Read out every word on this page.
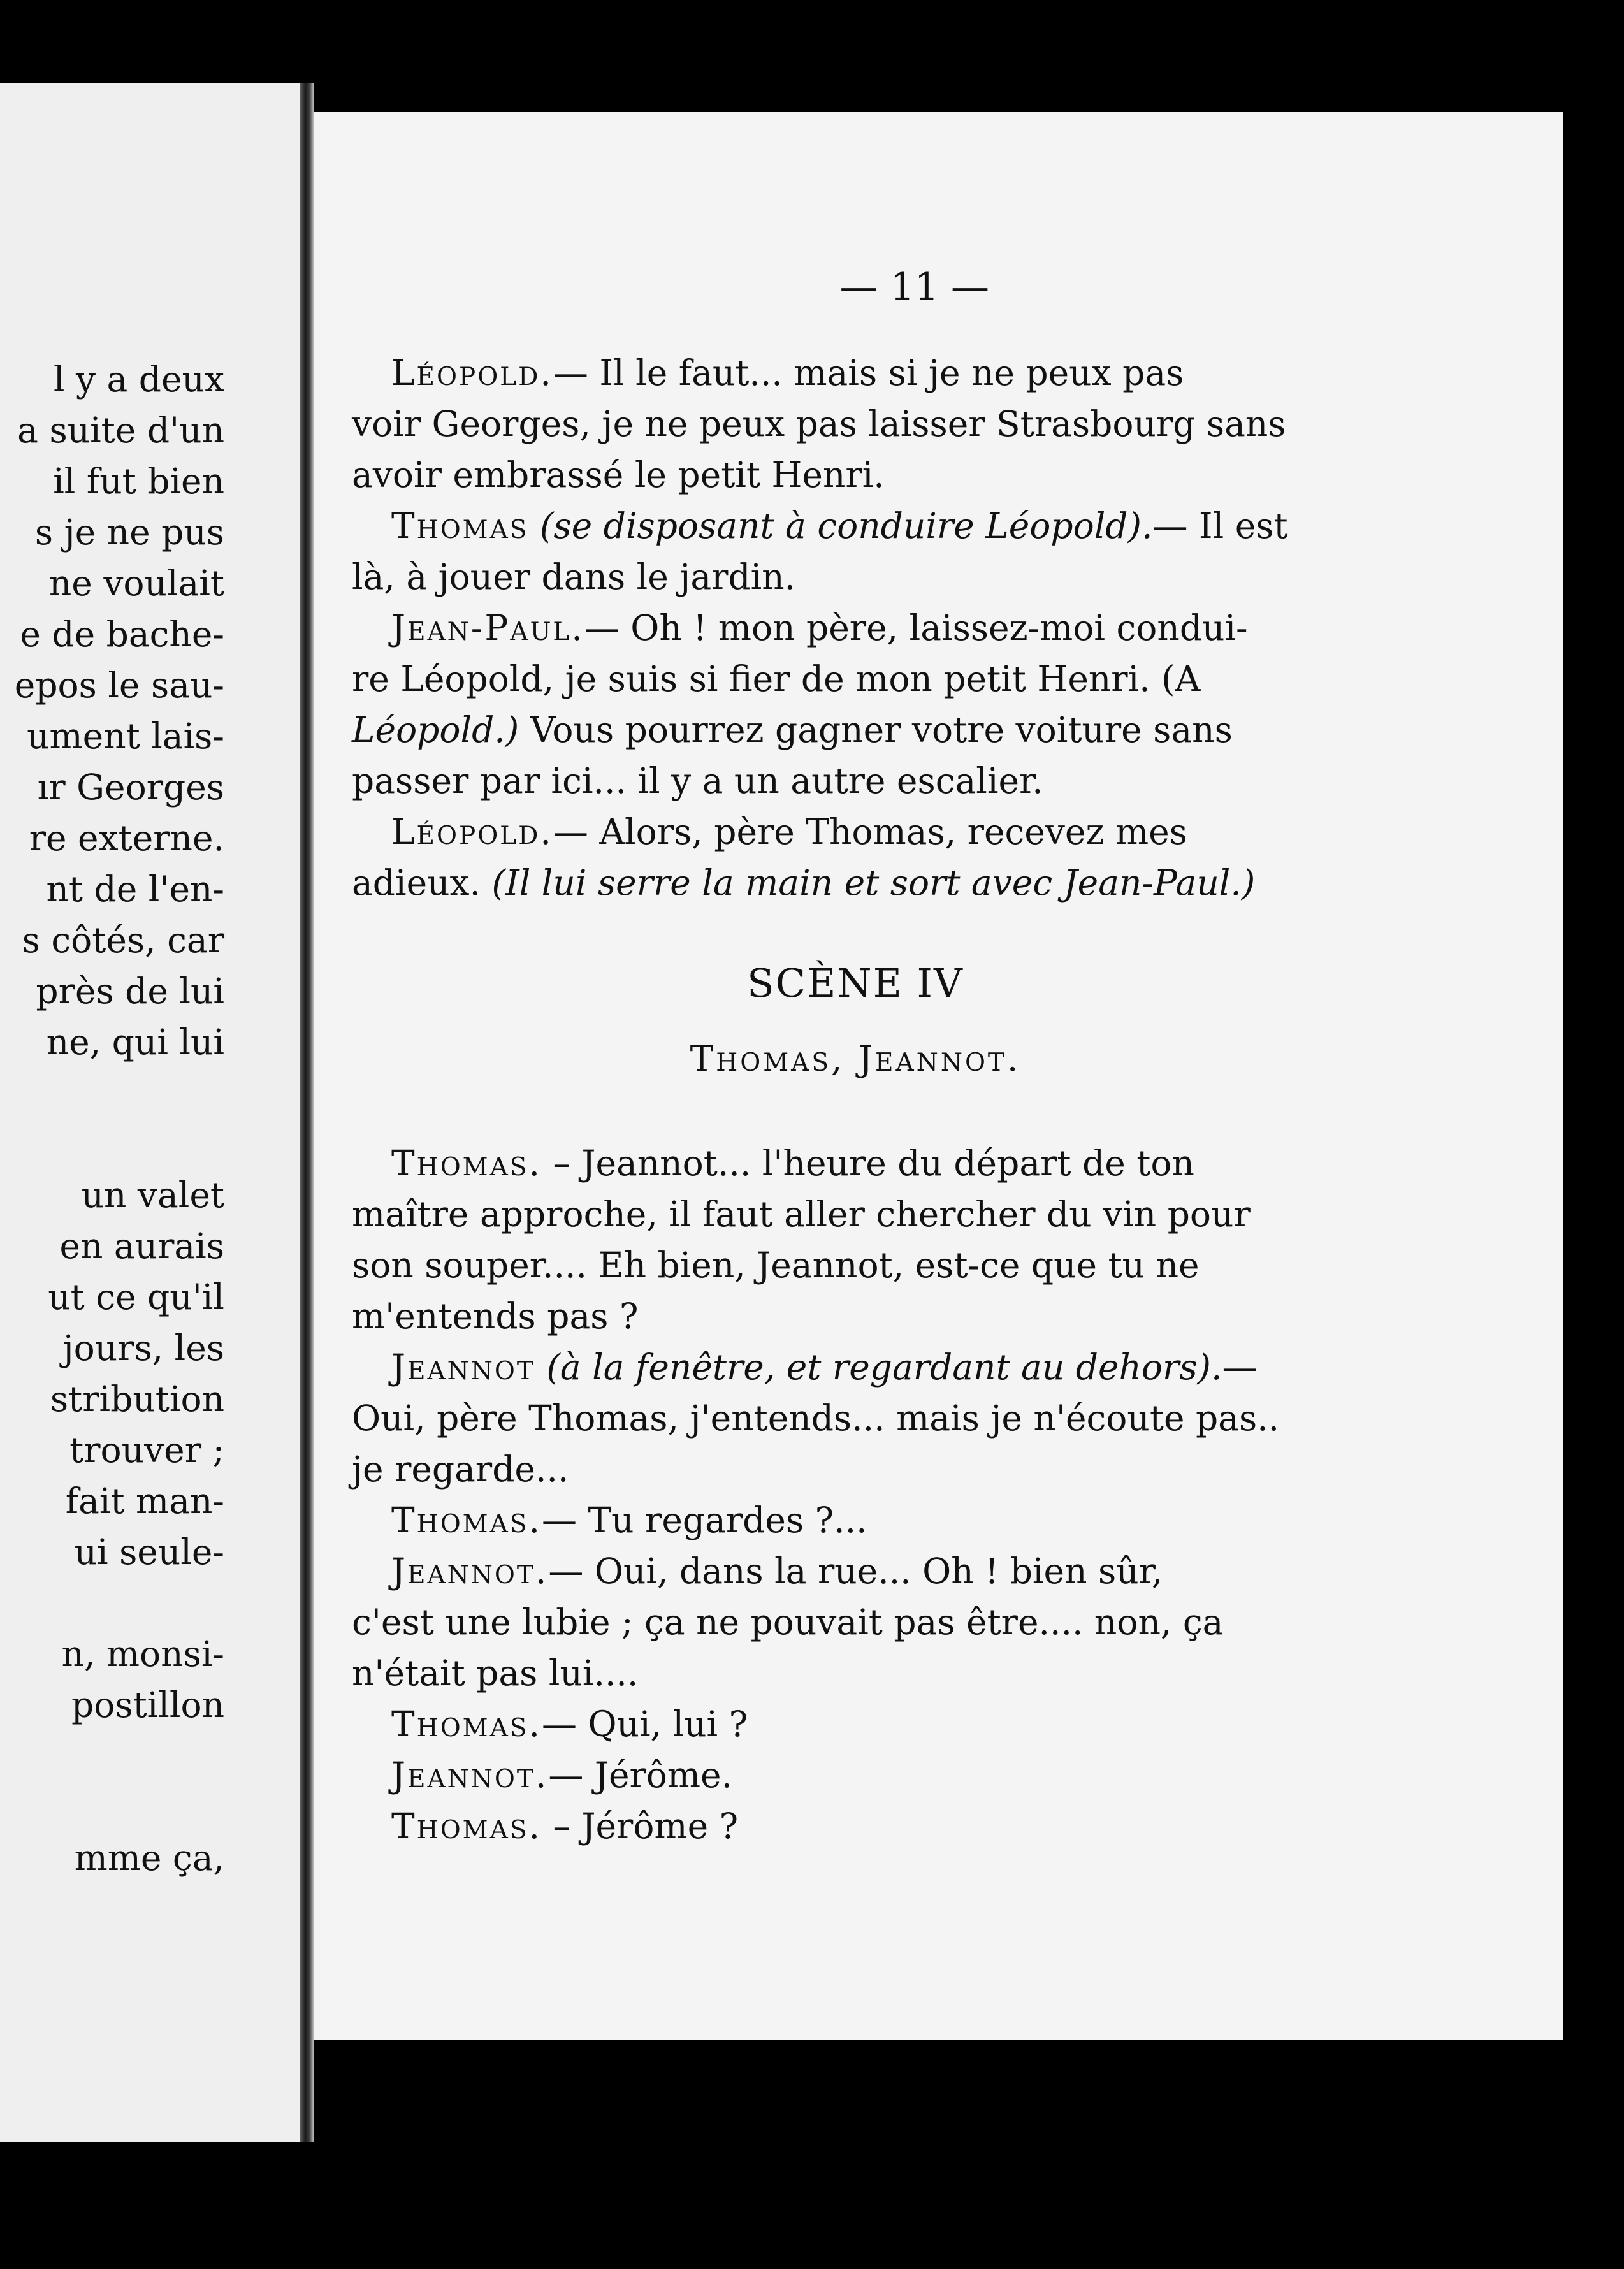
l y a deux
a suite d'un
il fut bien
s je ne pus
ne voulait
e de bache-
epos le sau-
ument lais-
ır Georges
re externe.
nt de l'en-
s côtés, car
près de lui
ne, qui lui
un valet
en aurais
ut ce qu'il
jours, les
stribution
trouver ;
fait man-
ui seule-
n, monsi-
postillon
mme ça,
— 11 —
Léopold.— Il le faut... mais si je ne peux pas
voir Georges, je ne peux pas laisser Strasbourg sans
avoir embrassé le petit Henri.
Thomas (se disposant à conduire Léopold).— Il est
là, à jouer dans le jardin.
Jean-Paul.— Oh ! mon père, laissez-moi condui-
re Léopold, je suis si fier de mon petit Henri. (A
Léopold.) Vous pourrez gagner votre voiture sans
passer par ici... il y a un autre escalier.
Léopold.— Alors, père Thomas, recevez mes
adieux. (Il lui serre la main et sort avec Jean-Paul.)
SCÈNE IV
Thomas, Jeannot.
Thomas. – Jeannot... l'heure du départ de ton
maître approche, il faut aller chercher du vin pour
son souper.... Eh bien, Jeannot, est-ce que tu ne
m'entends pas ?
Jeannot (à la fenêtre, et regardant au dehors).—
Oui, père Thomas, j'entends... mais je n'écoute pas..
je regarde...
Thomas.— Tu regardes ?...
Jeannot.— Oui, dans la rue... Oh ! bien sûr,
c'est une lubie ; ça ne pouvait pas être.... non, ça
n'était pas lui....
Thomas.— Qui, lui ?
Jeannot.— Jérôme.
Thomas. – Jérôme ?
